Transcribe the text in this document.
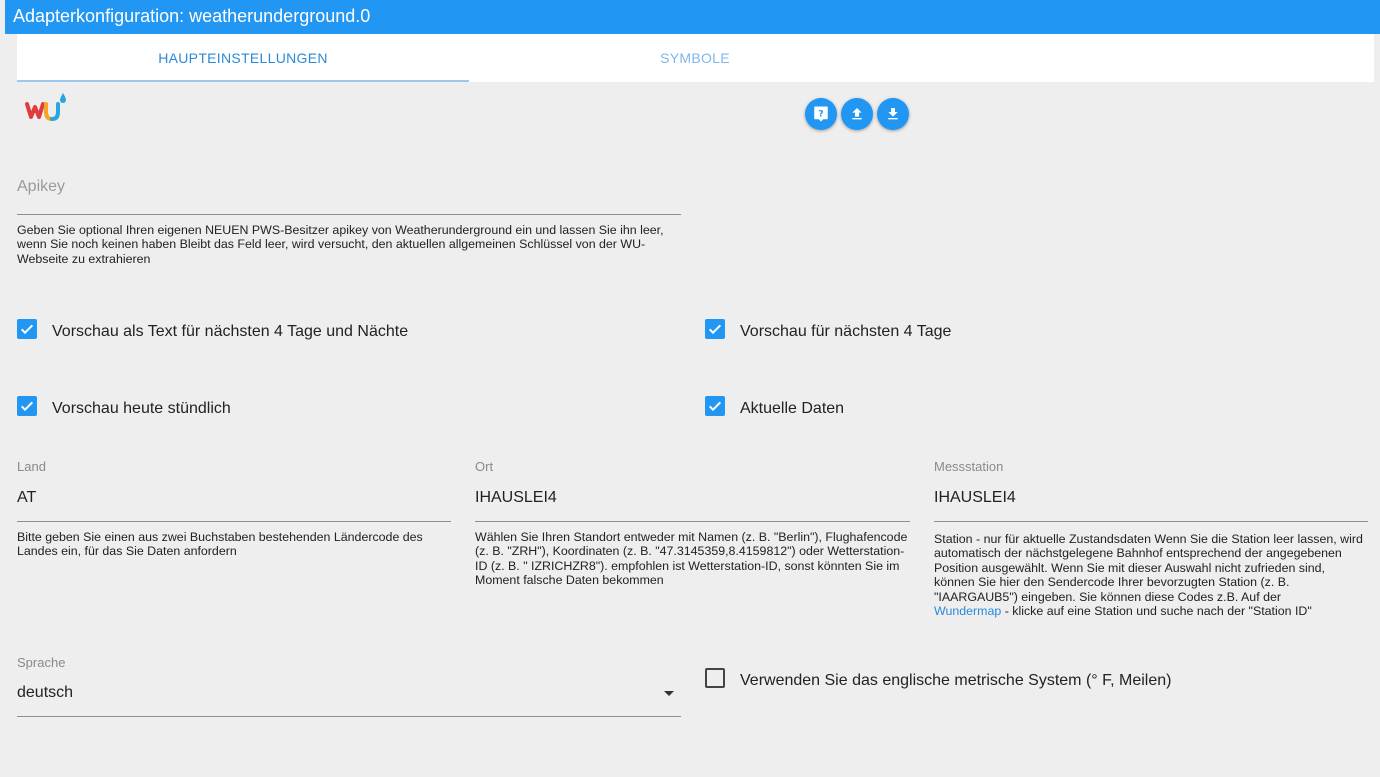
Adapterkonfiguration: weatherunderground.0
HAUPTEINSTELLUNGEN	SYMBOLE
?
Apikey
Geben Sie optional Ihren eigenen NEUEN PWS-Besitzer apikey von Weatherunderground ein und lassen Sie ihn leer, wenn Sie noch keinen haben Bleibt das Feld leer, wird versucht, den aktuellen allgemeinen Schlüssel von der WU-Webseite zu extrahieren
Vorschau als Text für nächsten 4 Tage und Nächte	Vorschau für nächsten 4 Tage
Vorschau heute stündlich	Aktuelle Daten
Land
AT
Bitte geben Sie einen aus zwei Buchstaben bestehenden Ländercode des Landes ein, für das Sie Daten anfordern
Ort
IHAUSLEI4
Wählen Sie Ihren Standort entweder mit Namen (z. B. "Berlin"), Flughafencode (z. B. "ZRH"), Koordinaten (z. B. "47.3145359,8.4159812") oder Wetterstation-ID (z. B. " IZRICHZR8"). empfohlen ist Wetterstation-ID, sonst könnten Sie im Moment falsche Daten bekommen
Messstation
IHAUSLEI4
Station - nur für aktuelle Zustandsdaten Wenn Sie die Station leer lassen, wird automatisch der nächstgelegene Bahnhof entsprechend der angegebenen Position ausgewählt. Wenn Sie mit dieser Auswahl nicht zufrieden sind, können Sie hier den Sendercode Ihrer bevorzugten Station (z. B. "IAARGAUB5") eingeben. Sie können diese Codes z.B. Auf der
Wundermap - klicke auf eine Station und suche nach der "Station ID"
Sprache
deutsch
Verwenden Sie das englische metrische System (° F, Meilen)
